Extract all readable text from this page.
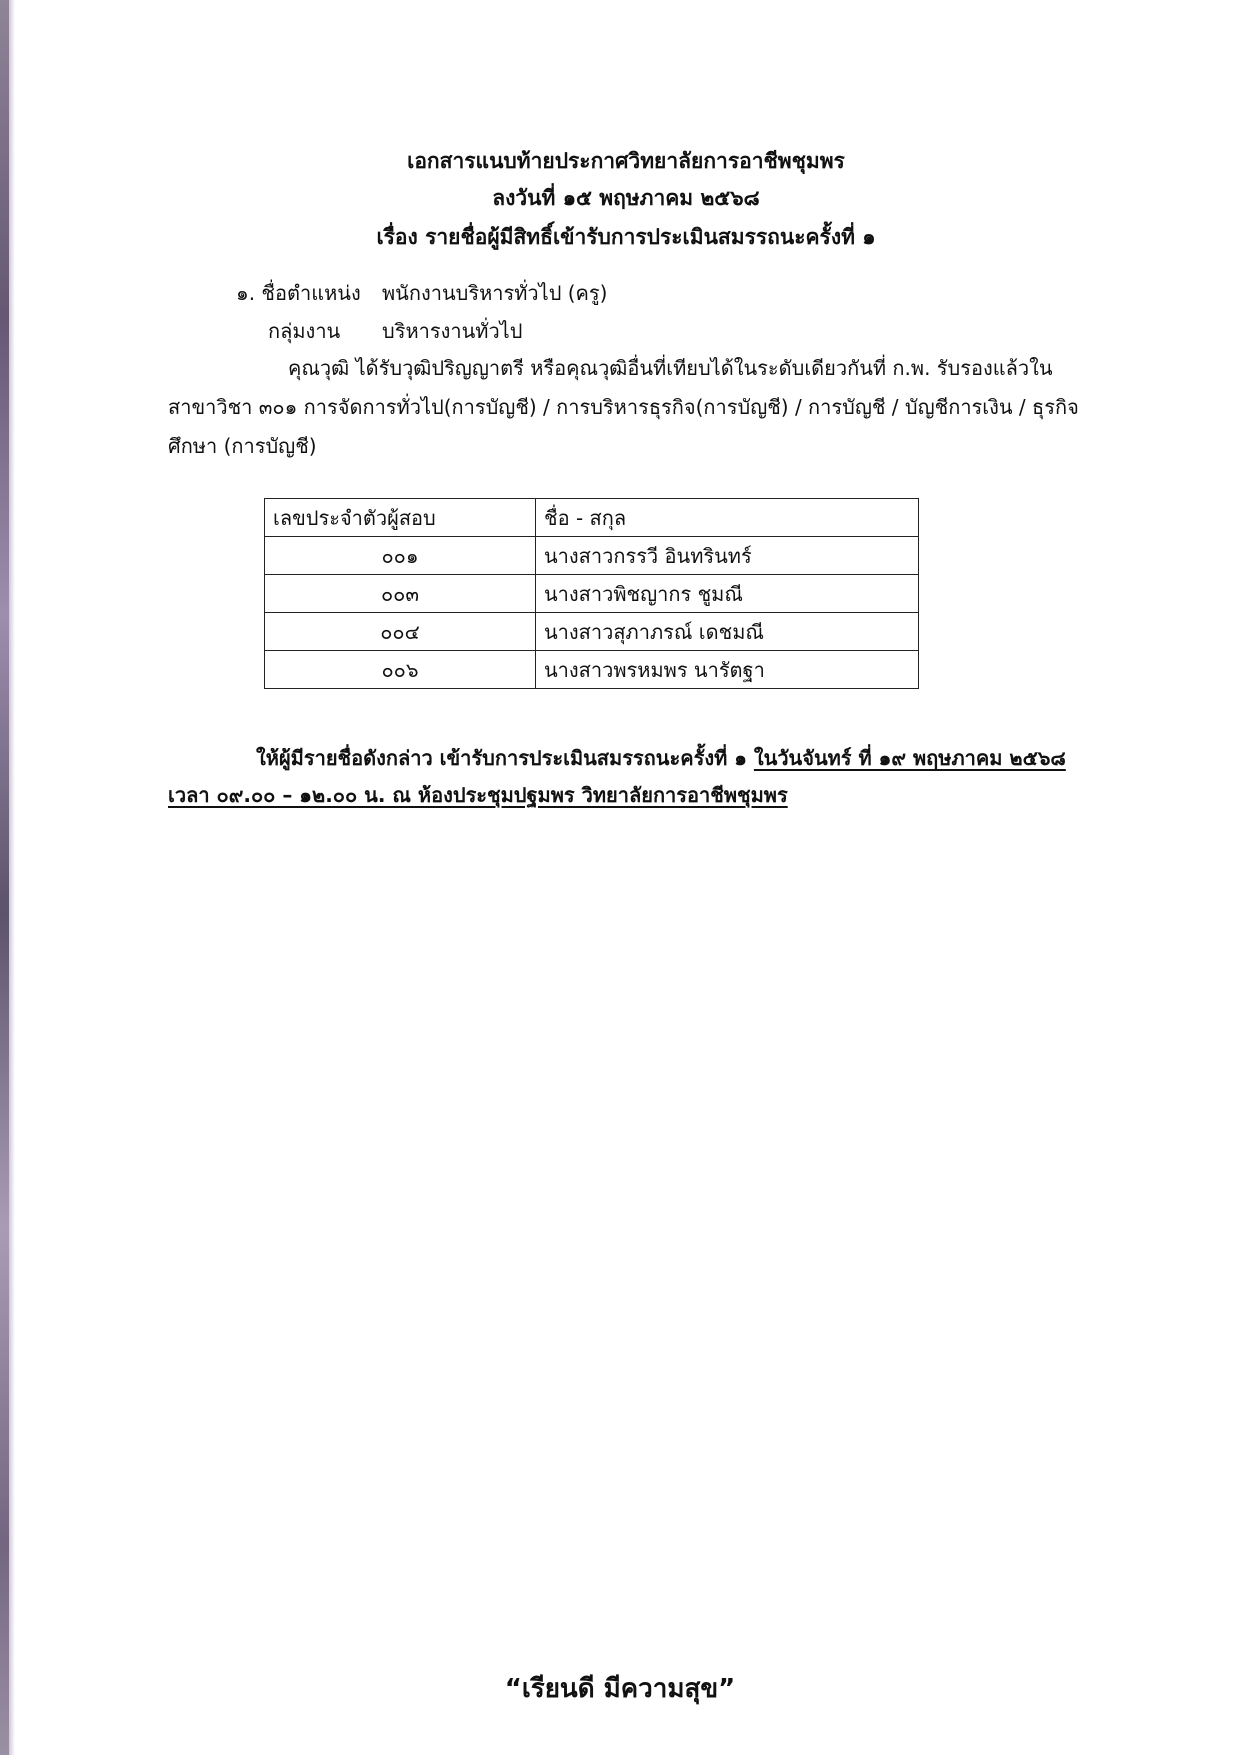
เอกสารแนบท้ายประกาศวิทยาลัยการอาชีพชุมพร
ลงวันที่ ๑๕ พฤษภาคม ๒๕๖๘
เรื่อง รายชื่อผู้มีสิทธิ์เข้ารับการประเมินสมรรถนะครั้งที่ ๑
๑. ชื่อตำแหน่ง พนักงานบริหารทั่วไป (ครู)
กลุ่มงาน บริหารงานทั่วไป
คุณวุฒิ ได้รับวุฒิปริญญาตรี หรือคุณวุฒิอื่นที่เทียบได้ในระดับเดียวกันที่ ก.พ. รับรองแล้วใน
สาขาวิชา ๓๐๑ การจัดการทั่วไป(การบัญชี) / การบริหารธุรกิจ(การบัญชี) / การบัญชี / บัญชีการเงิน / ธุรกิจ
ศึกษา (การบัญชี)
เลขประจำตัวผู้สอบ	ชื่อ - สกุล
๐๐๑	นางสาวกรรวี อินทรินทร์
๐๐๓	นางสาวพิชญากร ชูมณี
๐๐๔	นางสาวสุภาภรณ์ เดชมณี
๐๐๖	นางสาวพรหมพร นารัตฐา
ให้ผู้มีรายชื่อดังกล่าว เข้ารับการประเมินสมรรถนะครั้งที่ ๑ ในวันจันทร์ ที่ ๑๙ พฤษภาคม ๒๕๖๘
เวลา ๐๙.๐๐ – ๑๒.๐๐ น. ณ ห้องประชุมปฐมพร วิทยาลัยการอาชีพชุมพร
“เรียนดี มีความสุข”
